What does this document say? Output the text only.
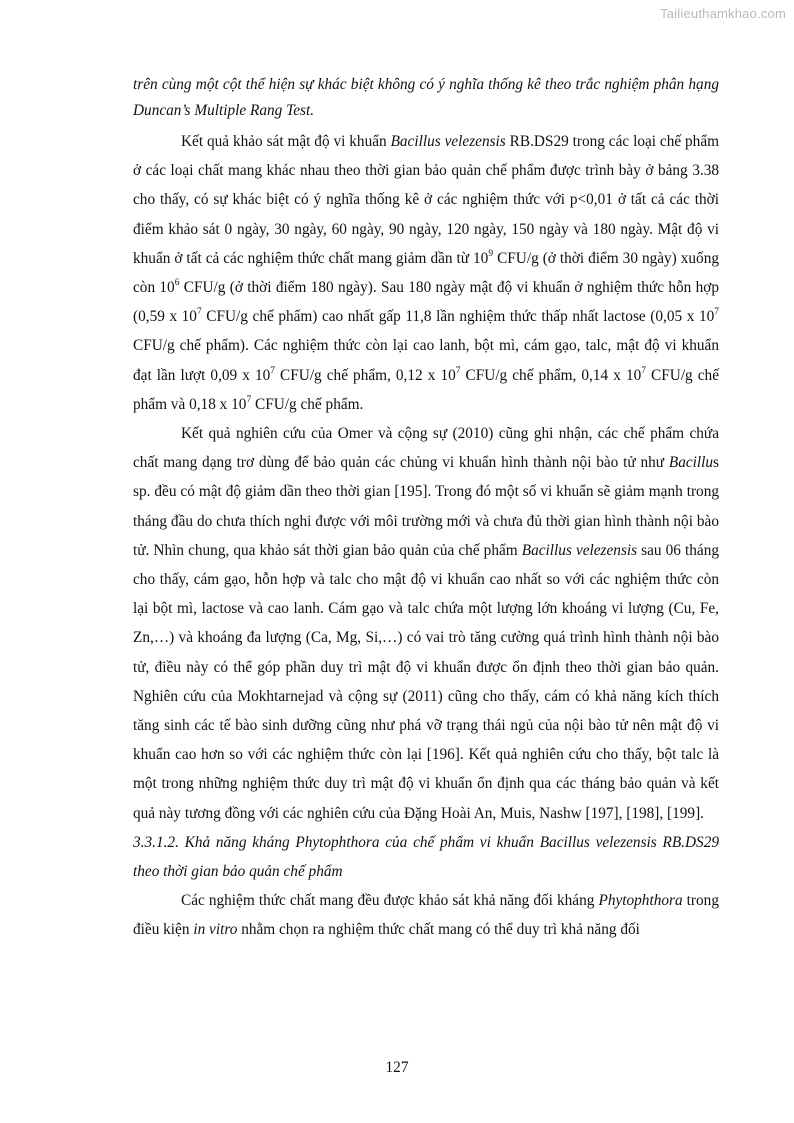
Tailieuthamkhao.com

trên cùng một cột thể hiện sự khác biệt không có ý nghĩa thống kê theo trắc nghiệm phân hạng Duncan’s Multiple Rang Test.

Kết quả khảo sát mật độ vi khuẩn Bacillus velezensis RB.DS29 trong các loại chế phẩm ở các loại chất mang khác nhau theo thời gian bảo quản chế phẩm được trình bày ở bảng 3.38 cho thấy, có sự khác biệt có ý nghĩa thống kê ở các nghiệm thức với p<0,01 ở tất cả các thời điểm khảo sát 0 ngày, 30 ngày, 60 ngày, 90 ngày, 120 ngày, 150 ngày và 180 ngày. Mật độ vi khuẩn ở tất cả các nghiệm thức chất mang giảm dần từ $10^9$ CFU/g (ở thời điểm 30 ngày) xuống còn $10^6$ CFU/g (ở thời điểm 180 ngày). Sau 180 ngày mật độ vi khuẩn ở nghiệm thức hỗn hợp (0,59 x $10^7$ CFU/g chế phẩm) cao nhất gấp 11,8 lần nghiệm thức thấp nhất lactose (0,05 x $10^7$ CFU/g chế phẩm). Các nghiệm thức còn lại cao lanh, bột mì, cám gạo, talc, mật độ vi khuẩn đạt lần lượt 0,09 x $10^7$ CFU/g chế phẩm, 0,12 x $10^7$ CFU/g chế phẩm, 0,14 x $10^7$ CFU/g chế phẩm và 0,18 x $10^7$ CFU/g chế phẩm.

Kết quả nghiên cứu của Omer và cộng sự (2010) cũng ghi nhận, các chế phẩm chứa chất mang dạng trơ dùng để bảo quản các chủng vi khuẩn hình thành nội bào tử như Bacillus sp. đều có mật độ giảm dần theo thời gian [195]. Trong đó một số vi khuẩn sẽ giảm mạnh trong tháng đầu do chưa thích nghi được với môi trường mới và chưa đủ thời gian hình thành nội bào tử. Nhìn chung, qua khảo sát thời gian bảo quản của chế phẩm Bacillus velezensis sau 06 tháng cho thấy, cám gạo, hỗn hợp và talc cho mật độ vi khuẩn cao nhất so với các nghiệm thức còn lại bột mì, lactose và cao lanh. Cám gạo và talc chứa một lượng lớn khoáng vi lượng (Cu, Fe, Zn,…) và khoáng đa lượng (Ca, Mg, Si,…) có vai trò tăng cường quá trình hình thành nội bào tử, điều này có thể góp phần duy trì mật độ vi khuẩn được ổn định theo thời gian bảo quản. Nghiên cứu của Mokhtarnejad và cộng sự (2011) cũng cho thấy, cám có khả năng kích thích tăng sinh các tế bào sinh dưỡng cũng như phá vỡ trạng thái ngủ của nội bào tử nên mật độ vi khuẩn cao hơn so với các nghiệm thức còn lại [196]. Kết quả nghiên cứu cho thấy, bột talc là một trong những nghiệm thức duy trì mật độ vi khuẩn ổn định qua các tháng bảo quản và kết quả này tương đồng với các nghiên cứu của Đặng Hoài An, Muis, Nashw [197], [198], [199].

3.3.1.2. Khả năng kháng Phytophthora của chế phẩm vi khuẩn Bacillus velezensis RB.DS29 theo thời gian bảo quản chế phẩm

Các nghiệm thức chất mang đều được khảo sát khả năng đối kháng Phytophthora trong điều kiện in vitro nhằm chọn ra nghiệm thức chất mang có thể duy trì khả năng đối

127
